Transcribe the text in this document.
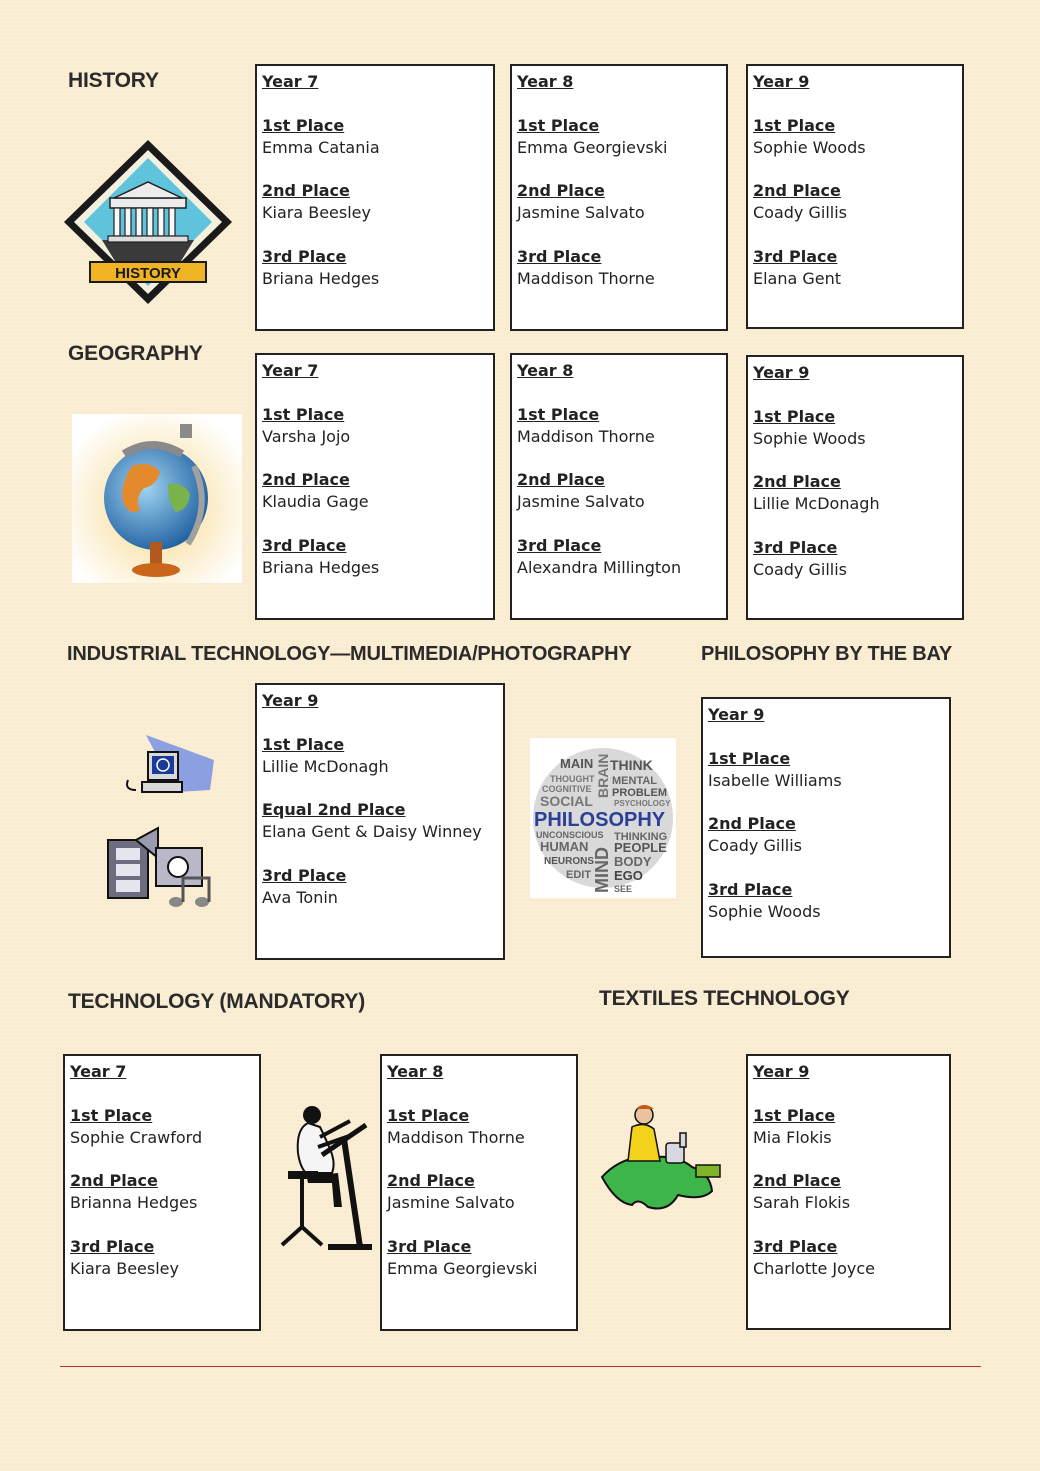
HISTORY
GEOGRAPHY
INDUSTRIAL TECHNOLOGY—MULTIMEDIA/PHOTOGRAPHY	PHILOSOPHY BY THE BAY
TECHNOLOGY (MANDATORY)	TEXTILES TECHNOLOGY
Year 7
1st Place
Emma Catania
2nd Place
Kiara Beesley
3rd Place
Briana Hedges
Year 8
1st Place
Emma Georgievski
2nd Place
Jasmine Salvato
3rd Place
Maddison Thorne
Year 9
1st Place
Sophie Woods
2nd Place
Coady Gillis
3rd Place
Elana Gent
Year 7
1st Place
Varsha Jojo
2nd Place
Klaudia Gage
3rd Place
Briana Hedges
Year 8
1st Place
Maddison Thorne
2nd Place
Jasmine Salvato
3rd Place
Alexandra Millington
Year 9
1st Place
Sophie Woods
2nd Place
Lillie McDonagh
3rd Place
Coady Gillis
Year 9
1st Place
Lillie McDonagh
Equal 2nd Place
Elana Gent & Daisy Winney
3rd Place
Ava Tonin
Year 9
1st Place
Isabelle Williams
2nd Place
Coady Gillis
3rd Place
Sophie Woods
Year 7
1st Place
Sophie Crawford
2nd Place
Brianna Hedges
3rd Place
Kiara Beesley
Year 8
1st Place
Maddison Thorne
2nd Place
Jasmine Salvato
3rd Place
Emma Georgievski
Year 9
1st Place
Mia Flokis
2nd Place
Sarah Flokis
3rd Place
Charlotte Joyce
HISTORY
MAIN THINK
THOUGHT MENTAL
COGNITIVE PROBLEM
SOCIAL	PSYCHOLOGY
PHILOSOPHY
UNCONSCIOUS THINKING
HUMAN PEOPLE
NEURONS BODY
EDIT EGO
SEE
MIND
BRAIN
